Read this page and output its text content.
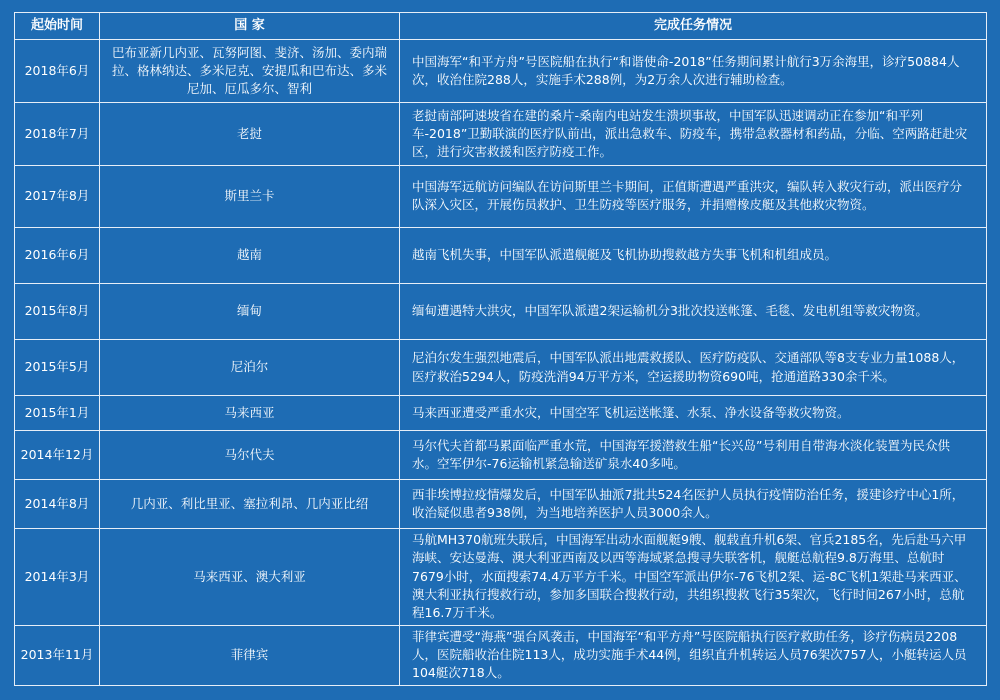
起始时间	国 家	完成任务情况
2018年6月	巴布亚新几内亚、瓦努阿图、斐济、汤加、委内瑞拉、格林纳达、多米尼克、安提瓜和巴布达、多米尼加、厄瓜多尔、智利	中国海军“和平方舟”号医院船在执行“和谐使命-2018”任务期间累计航行3万余海里，诊疗50884人次，收治住院288人，实施手术288例，为2万余人次进行辅助检查。
2018年7月	老挝	老挝南部阿速坡省在建的桑片-桑南内电站发生溃坝事故，中国军队迅速调动正在参加“和平列车-2018”卫勤联演的医疗队前出，派出急救车、防疫车，携带急救器材和药品，分临、空两路赶赴灾区，进行灾害救援和医疗防疫工作。
2017年8月	斯里兰卡	中国海军远航访问编队在访问斯里兰卡期间，正值斯遭遇严重洪灾，编队转入救灾行动，派出医疗分队深入灾区，开展伤员救护、卫生防疫等医疗服务，并捐赠橡皮艇及其他救灾物资。
2016年6月	越南	越南飞机失事，中国军队派遣舰艇及飞机协助搜救越方失事飞机和机组成员。
2015年8月	缅甸	缅甸遭遇特大洪灾，中国军队派遣2架运输机分3批次投送帐篷、毛毯、发电机组等救灾物资。
2015年5月	尼泊尔	尼泊尔发生强烈地震后，中国军队派出地震救援队、医疗防疫队、交通部队等8支专业力量1088人，医疗救治5294人，防疫洗消94万平方米，空运援助物资690吨，抢通道路330余千米。
2015年1月	马来西亚	马来西亚遭受严重水灾，中国空军飞机运送帐篷、水泵、净水设备等救灾物资。
2014年12月	马尔代夫	马尔代夫首都马累面临严重水荒，中国海军援潜救生船“长兴岛”号利用自带海水淡化装置为民众供水。空军伊尔-76运输机紧急输送矿泉水40多吨。
2014年8月	几内亚、利比里亚、塞拉利昂、几内亚比绍	西非埃博拉疫情爆发后，中国军队抽派7批共524名医护人员执行疫情防治任务，援建诊疗中心1所，收治疑似患者938例，为当地培养医护人员3000余人。
2014年3月	马来西亚、澳大利亚	马航MH370航班失联后，中国海军出动水面舰艇9艘、舰载直升机6架、官兵2185名，先后赴马六甲海峡、安达曼海、澳大利亚西南及以西等海域紧急搜寻失联客机，舰艇总航程9.8万海里、总航时7679小时，水面搜索74.4万平方千米。中国空军派出伊尔-76飞机2架、运-8C飞机1架赴马来西亚、澳大利亚执行搜救行动，参加多国联合搜救行动，共组织搜救飞行35架次，飞行时间267小时，总航程16.7万千米。
2013年11月	菲律宾	菲律宾遭受“海燕”强台风袭击，中国海军“和平方舟”号医院船执行医疗救助任务，诊疗伤病员2208人，医院船收治住院113人，成功实施手术44例，组织直升机转运人员76架次757人，小艇转运人员104艇次718人。
